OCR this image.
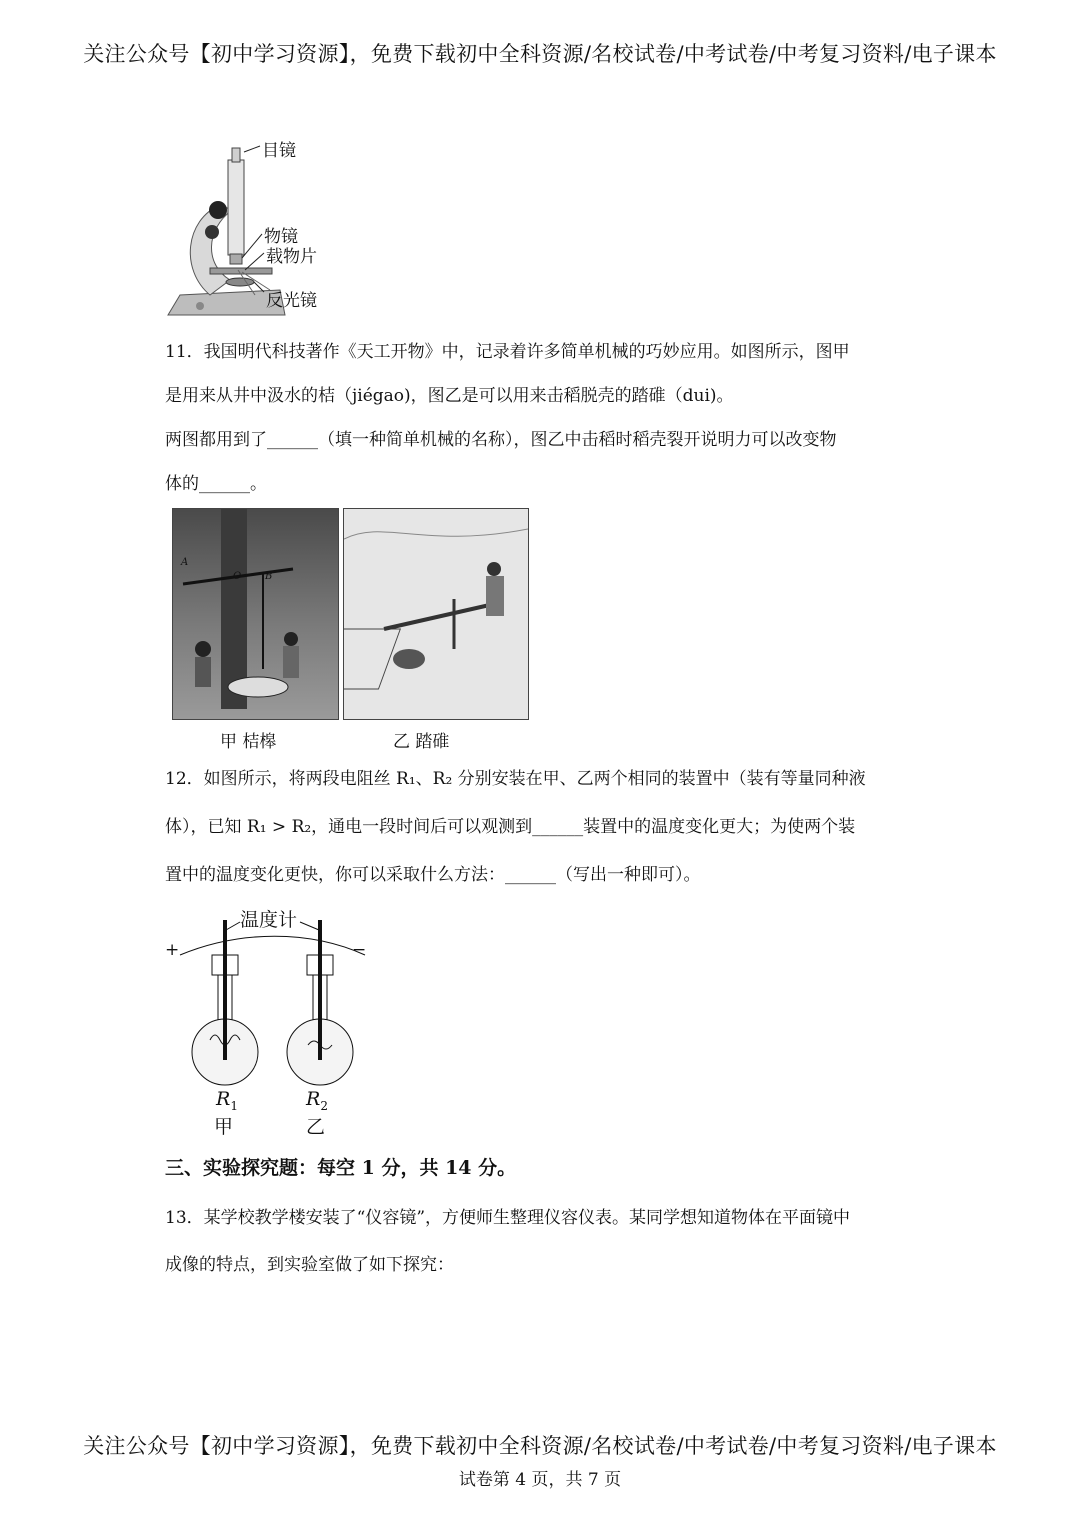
关注公众号【初中学习资源】，免费下载初中全科资源/名校试卷/中考试卷/中考复习资料/电子课本
目镜
物镜
载物片
反光镜

11．我国明代科技著作《天工开物》中，记录着许多简单机械的巧妙应用。如图所示，图甲

是用来从井中汲水的桔（jiégao)，图乙是可以用来击稻脱壳的踏碓（dui)。

两图都用到了______（填一种简单机械的名称），图乙中击稻时稻壳裂开说明力可以改变物

体的______。

O B
A
甲 桔槔	乙 踏碓

12．如图所示，将两段电阻丝 R₁、R₂ 分别安装在甲、乙两个相同的装置中（装有等量同种液

体），已知 R₁ > R₂，通电一段时间后可以观测到______装置中的温度变化更大；为使两个装

置中的温度变化更快，你可以采取什么方法：______（写出一种即可）。

温度计
+	−
$R_1$	$R_2$
甲	乙
三、实验探究题：每空 1 分，共 14 分。

13．某学校教学楼安装了“仪容镜”，方便师生整理仪容仪表。某同学想知道物体在平面镜中

成像的特点，到实验室做了如下探究：

关注公众号【初中学习资源】，免费下载初中全科资源/名校试卷/中考试卷/中考复习资料/电子课本
试卷第 4 页，共 7 页
